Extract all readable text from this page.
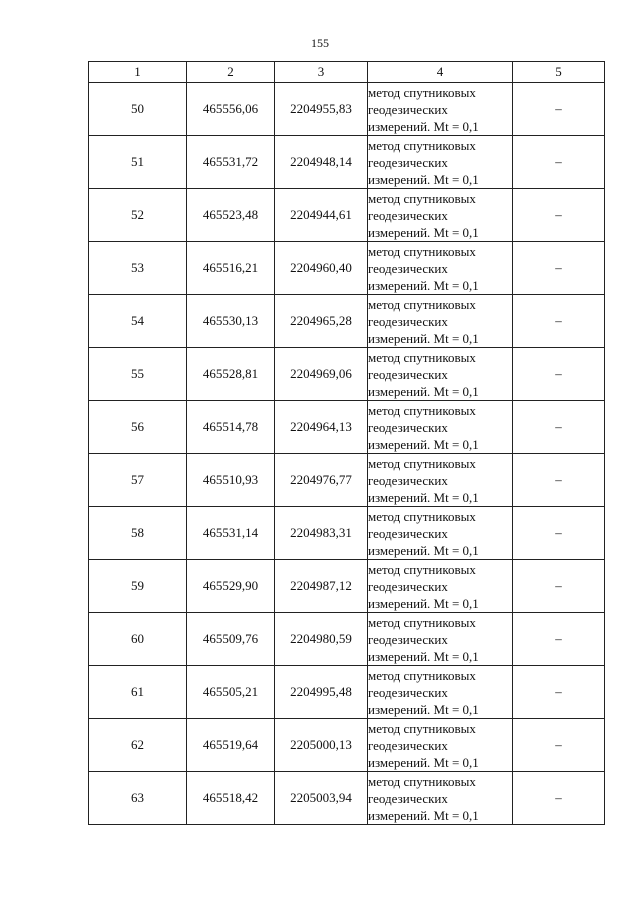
155
1	2	3	4	5
50	465556,06	2204955,83	метод спутниковых
геодезических
измерений. Mt = 0,1	–
51	465531,72	2204948,14	метод спутниковых
геодезических
измерений. Mt = 0,1	–
52	465523,48	2204944,61	метод спутниковых
геодезических
измерений. Mt = 0,1	–
53	465516,21	2204960,40	метод спутниковых
геодезических
измерений. Mt = 0,1	–
54	465530,13	2204965,28	метод спутниковых
геодезических
измерений. Mt = 0,1	–
55	465528,81	2204969,06	метод спутниковых
геодезических
измерений. Mt = 0,1	–
56	465514,78	2204964,13	метод спутниковых
геодезических
измерений. Mt = 0,1	–
57	465510,93	2204976,77	метод спутниковых
геодезических
измерений. Mt = 0,1	–
58	465531,14	2204983,31	метод спутниковых
геодезических
измерений. Mt = 0,1	–
59	465529,90	2204987,12	метод спутниковых
геодезических
измерений. Mt = 0,1	–
60	465509,76	2204980,59	метод спутниковых
геодезических
измерений. Mt = 0,1	–
61	465505,21	2204995,48	метод спутниковых
геодезических
измерений. Mt = 0,1	–
62	465519,64	2205000,13	метод спутниковых
геодезических
измерений. Mt = 0,1	–
63	465518,42	2205003,94	метод спутниковых
геодезических
измерений. Mt = 0,1	–
